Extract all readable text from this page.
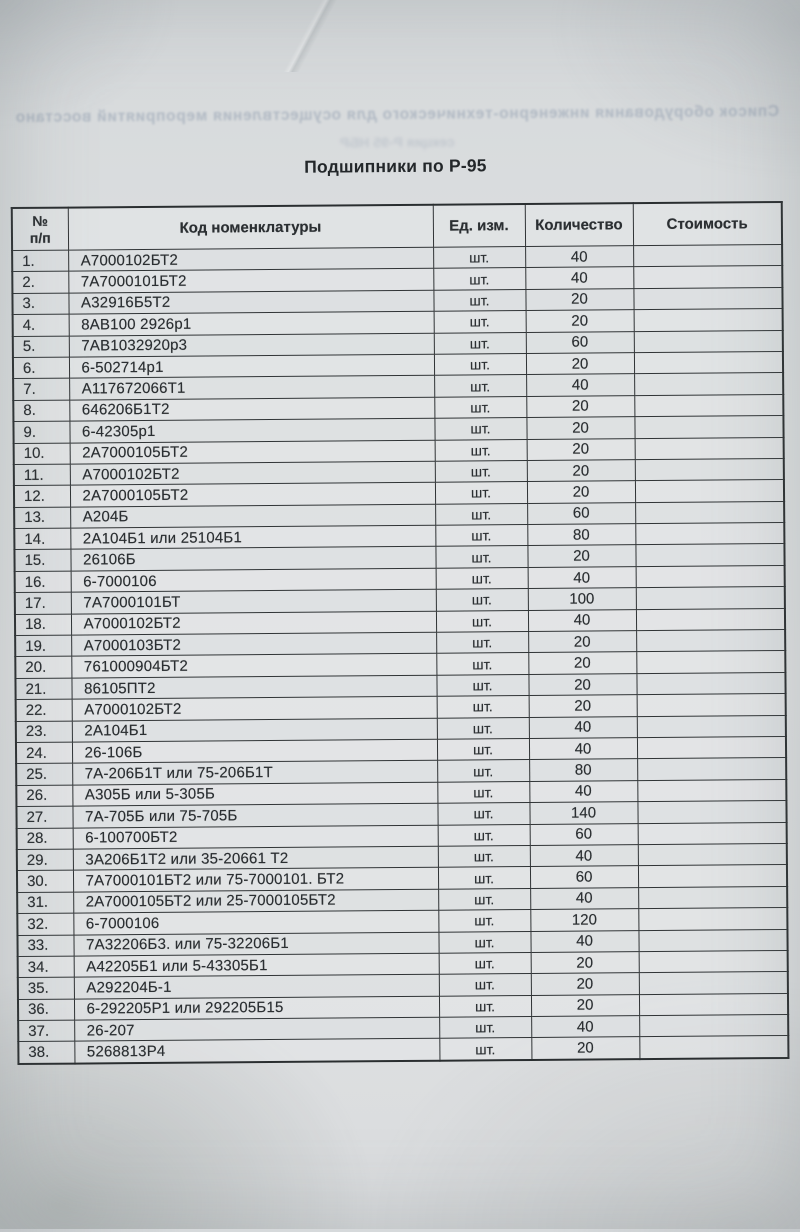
Список оборудования инженерно-технического для осуществления мероприятий восстано
секция Р-95 НБР
Подшипники по Р-95
№
п/п	Код номенклатуры	Ед. изм.	Количество	Стоимость
1.	А7000102БТ2	шт.	40	
2.	7А7000101БТ2	шт.	40	
3.	А32916Б5Т2	шт.	20	
4.	8АВ100 2926р1	шт.	20	
5.	7АВ1032920р3	шт.	60	
6.	6-502714р1	шт.	20	
7.	А117672066Т1	шт.	40	
8.	646206Б1Т2	шт.	20	
9.	6-42305р1	шт.	20	
10.	2А7000105БТ2	шт.	20	
11.	А7000102БТ2	шт.	20	
12.	2А7000105БТ2	шт.	20	
13.	А204Б	шт.	60	
14.	2А104Б1 или 25104Б1	шт.	80	
15.	26106Б	шт.	20	
16.	6-7000106	шт.	40	
17.	7А7000101БТ	шт.	100	
18.	А7000102БТ2	шт.	40	
19.	А7000103БТ2	шт.	20	
20.	761000904БТ2	шт.	20	
21.	86105ПТ2	шт.	20	
22.	А7000102БТ2	шт.	20	
23.	2А104Б1	шт.	40	
24.	26-106Б	шт.	40	
25.	7А-206Б1Т или 75-206Б1Т	шт.	80	
26.	А305Б или 5-305Б	шт.	40	
27.	7А-705Б или 75-705Б	шт.	140	
28.	6-100700БТ2	шт.	60	
29.	3А206Б1Т2 или 35-20661 Т2	шт.	40	
30.	7А7000101БТ2 или 75-7000101. БТ2	шт.	60	
31.	2А7000105БТ2 или 25-7000105БТ2	шт.	40	
32.	6-7000106	шт.	120	
33.	7А32206Б3. или 75-32206Б1	шт.	40	
34.	А42205Б1 или 5-43305Б1	шт.	20	
35.	А292204Б-1	шт.	20	
36.	6-292205Р1 или 292205Б15	шт.	20	
37.	26-207	шт.	40	
38.	5268813Р4	шт.	20	
